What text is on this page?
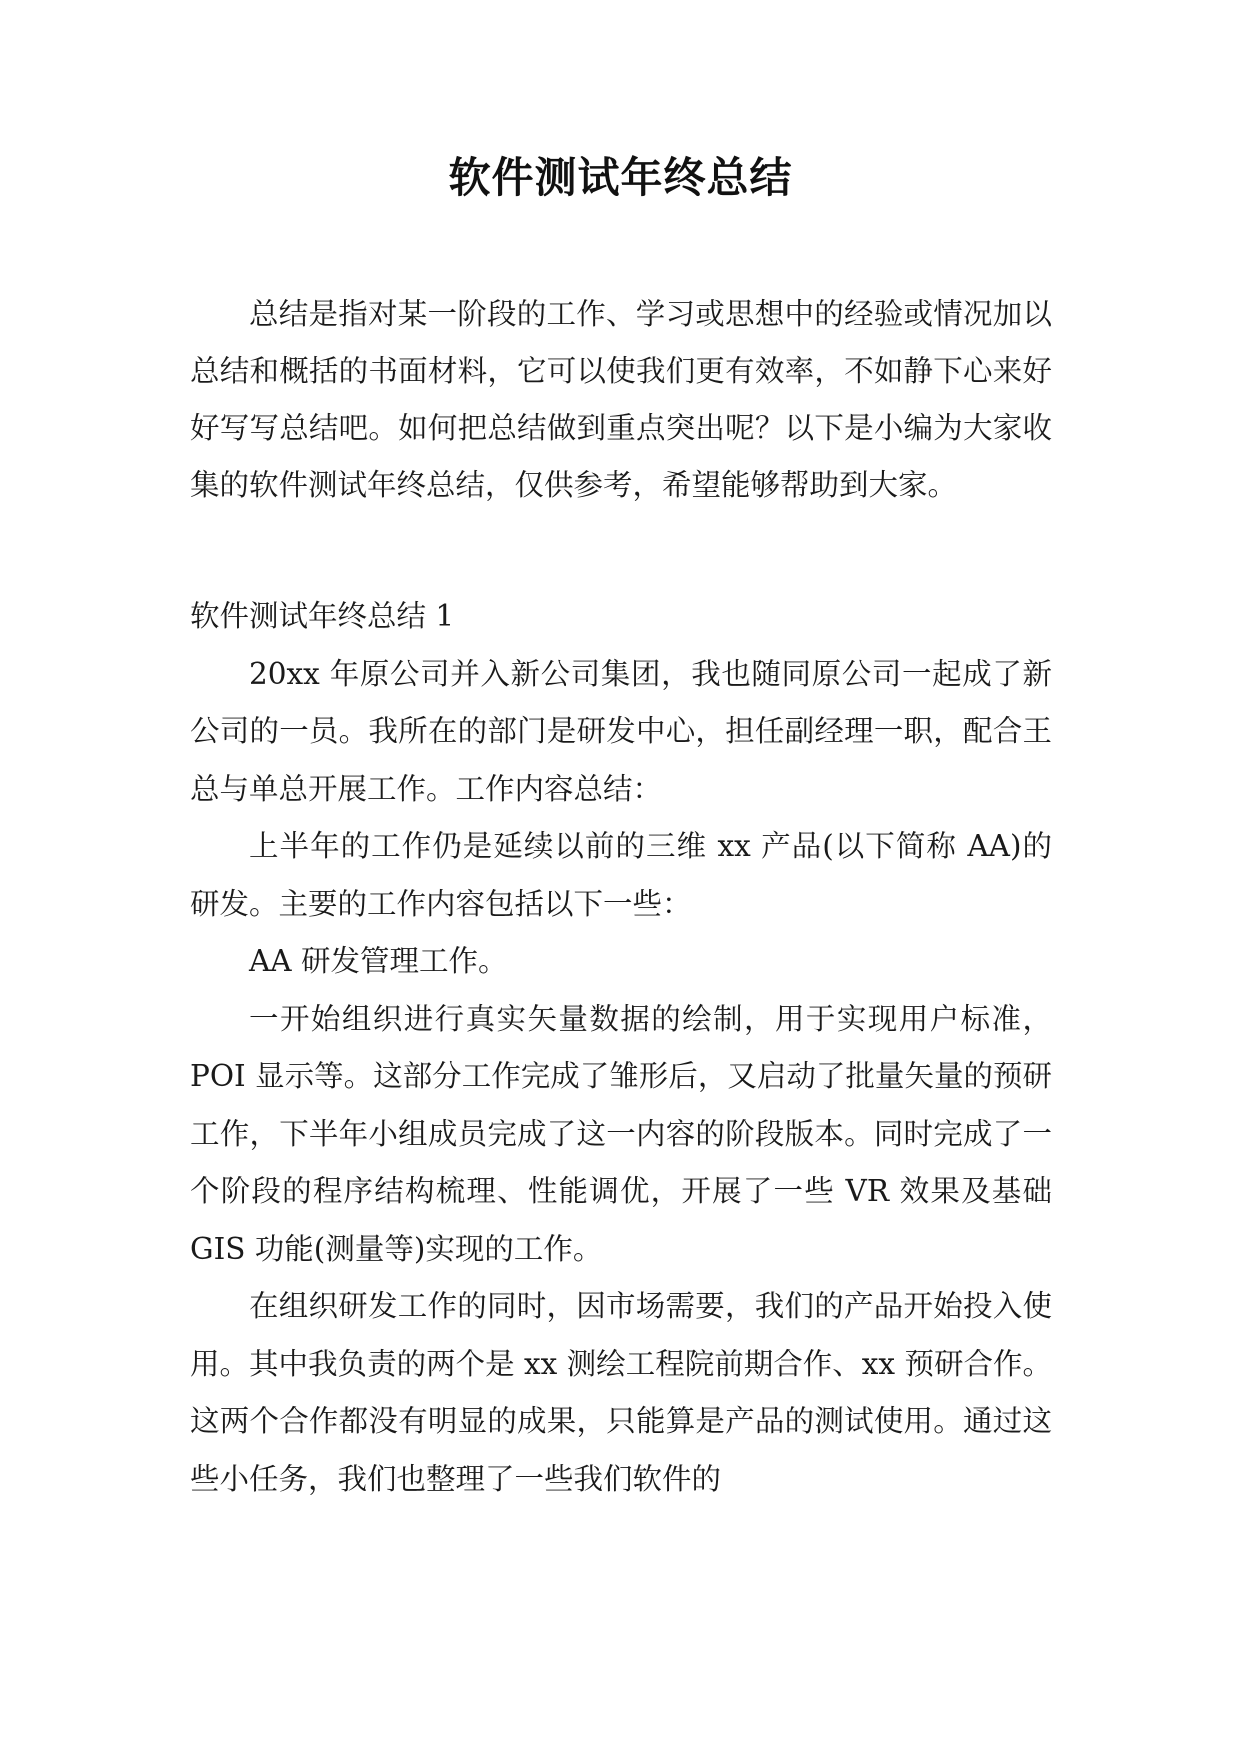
软件测试年终总结

总结是指对某一阶段的工作、学习或思想中的经验或情况加以总结和概括的书面材料，它可以使我们更有效率，不如静下心来好好写写总结吧。如何把总结做到重点突出呢？以下是小编为大家收集的软件测试年终总结，仅供参考，希望能够帮助到大家。

软件测试年终总结 1

20xx 年原公司并入新公司集团，我也随同原公司一起成了新公司的一员。我所在的部门是研发中心，担任副经理一职，配合王总与单总开展工作。工作内容总结：

上半年的工作仍是延续以前的三维 xx 产品(以下简称 AA)的研发。主要的工作内容包括以下一些：

AA 研发管理工作。

一开始组织进行真实矢量数据的绘制，用于实现用户标准，POI 显示等。这部分工作完成了雏形后，又启动了批量矢量的预研工作，下半年小组成员完成了这一内容的阶段版本。同时完成了一个阶段的程序结构梳理、性能调优，开展了一些 VR 效果及基础 GIS 功能(测量等)实现的工作。

在组织研发工作的同时，因市场需要，我们的产品开始投入使用。其中我负责的两个是 xx 测绘工程院前期合作、xx 预研合作。这两个合作都没有明显的成果，只能算是产品的测试使用。通过这些小任务，我们也整理了一些我们软件的
